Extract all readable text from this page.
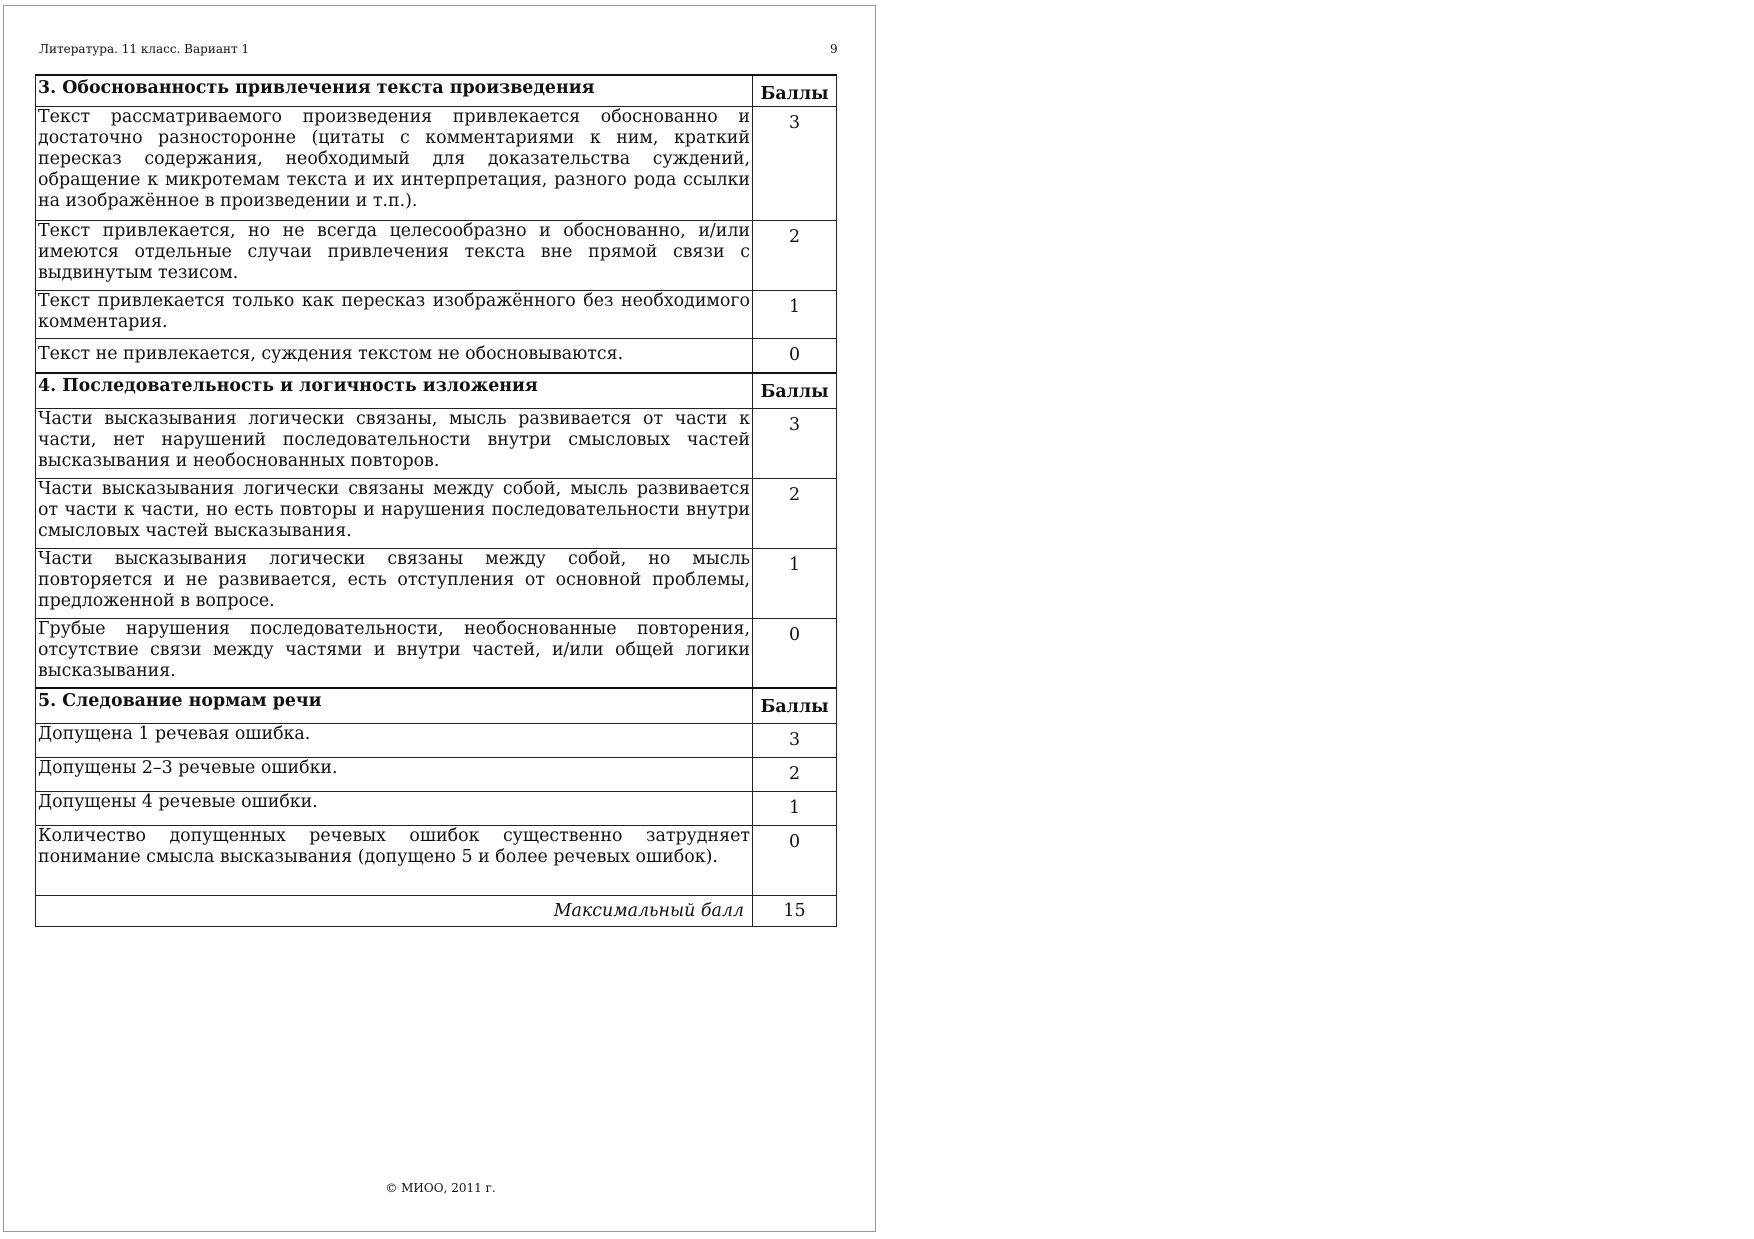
Литература. 11 класс. Вариант 1	9
3. Обоснованность привлечения текста произведения	Баллы
Текст рассматриваемого произведения привлекается обоснованно и достаточно разносторонне (цитаты с комментариями к ним, краткий пересказ содержания, необходимый для доказательства суждений, обращение к микротемам текста и их интерпретация, разного рода ссылки на изображённое в произведении и т.п.).	3
Текст привлекается, но не всегда целесообразно и обоснованно, и/или имеются отдельные случаи привлечения текста вне прямой связи с выдвинутым тезисом.	2
Текст привлекается только как пересказ изображённого без необходимого комментария.	1
Текст не привлекается, суждения текстом не обосновываются.	0
4. Последовательность и логичность изложения	Баллы
Части высказывания логически связаны, мысль развивается от части к части, нет нарушений последовательности внутри смысловых частей высказывания и необоснованных повторов.	3
Части высказывания логически связаны между собой, мысль развивается от части к части, но есть повторы и нарушения последовательности внутри смысловых частей высказывания.	2
Части высказывания логически связаны между собой, но мысль повторяется и не развивается, есть отступления от основной проблемы, предложенной в вопросе.	1
Грубые нарушения последовательности, необоснованные повторения, отсутствие связи между частями и внутри частей, и/или общей логики высказывания.	0
5. Следование нормам речи	Баллы
Допущена 1 речевая ошибка.	3
Допущены 2–3 речевые ошибки.	2
Допущены 4 речевые ошибки.	1
Количество допущенных речевых ошибок существенно затрудняет понимание смысла высказывания (допущено 5 и более речевых ошибок).	0
Максимальный балл	15
© МИОО, 2011 г.
